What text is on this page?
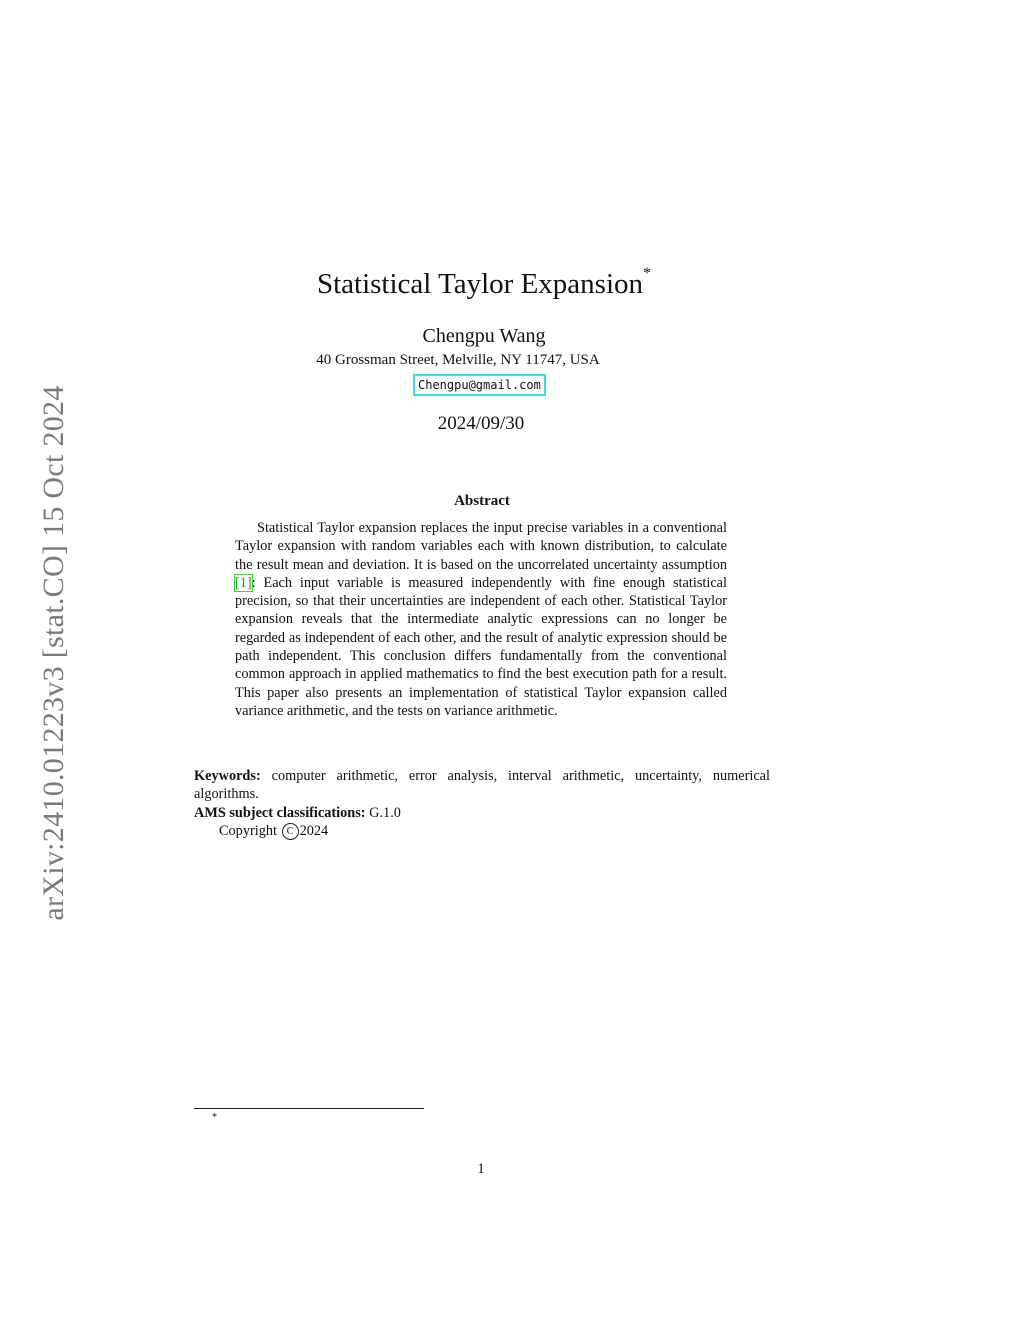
arXiv:2410.01223v3 [stat.CO] 15 Oct 2024
Statistical Taylor Expansion*
Chengpu Wang
40 Grossman Street, Melville, NY 11747, USA
Chengpu@gmail.com
2024/09/30
Abstract
Statistical Taylor expansion replaces the input precise variables in a conventional Taylor expansion with random variables each with known distribution, to calculate the result mean and deviation. It is based on the uncorrelated uncertainty assumption [1]: Each input variable is measured independently with fine enough statistical precision, so that their uncertainties are independent of each other. Statistical Taylor expansion reveals that the intermediate analytic expressions can no longer be regarded as independent of each other, and the result of analytic expression should be path independent. This conclusion differs fundamentally from the conventional common approach in applied mathematics to find the best execution path for a result. This paper also presents an implementation of statistical Taylor expansion called variance arithmetic, and the tests on variance arithmetic.
Keywords: computer arithmetic, error analysis, interval arithmetic, uncertainty, numerical algorithms.
AMS subject classifications: G.1.0
Copyright C 2024
*
1
